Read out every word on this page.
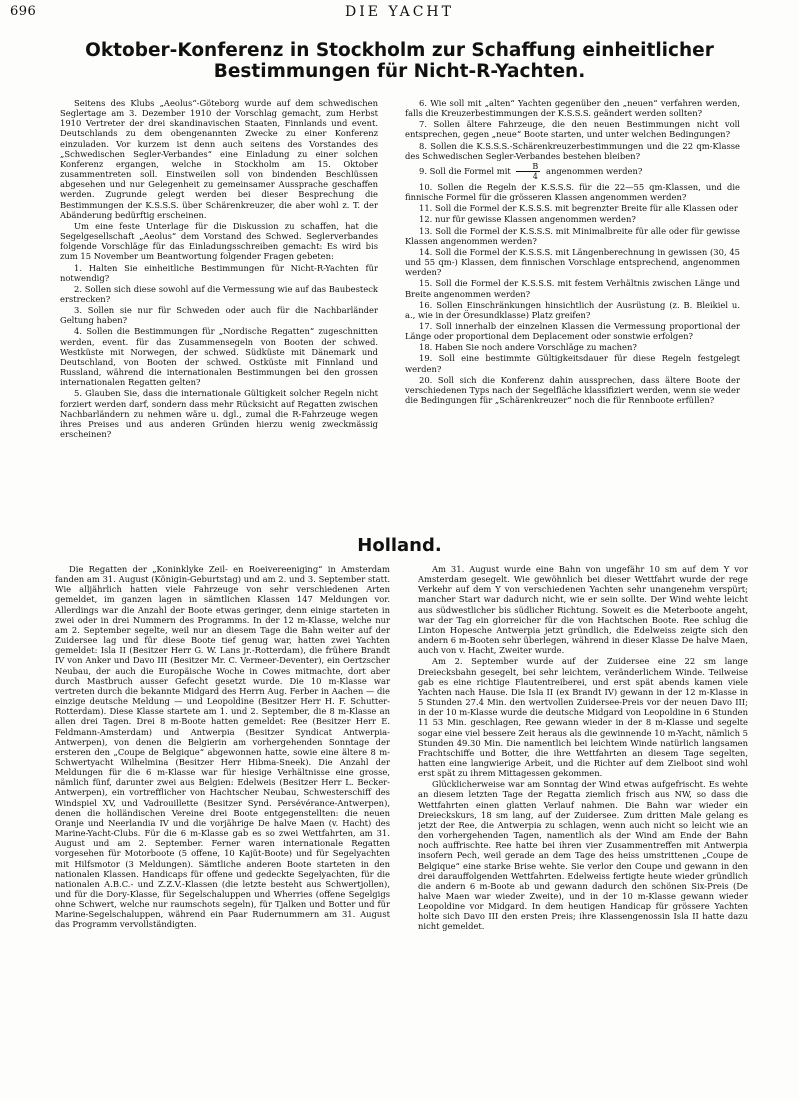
696	DIE YACHT
Oktober-Konferenz in Stockholm zur Schaffung einheitlicher Bestimmungen für Nicht-R-Yachten.

Seitens des Klubs „Aeolus“-Göteborg wurde auf dem schwedischen Seglertage am 3. Dezember 1910 der Vorschlag gemacht, zum Herbst 1910 Vertreter der drei skandinavischen Staaten, Finnlands und event. Deutschlands zu dem obengenannten Zwecke zu einer Konferenz einzuladen. Vor kurzem ist denn auch seitens des Vorstandes des „Schwedischen Segler-Verbandes“ eine Einladung zu einer solchen Konferenz ergangen, welche in Stockholm am 15. Oktober zusammentreten soll. Einstweilen soll von bindenden Beschlüssen abgesehen und nur Gelegenheit zu gemeinsamer Aussprache geschaffen werden. Zugrunde gelegt werden bei dieser Besprechung die Bestimmungen der K.S.S.S. über Schärenkreuzer, die aber wohl z. T. der Abänderung bedürftig erscheinen.

Um eine feste Unterlage für die Diskussion zu schaffen, hat die Segelgesellschaft „Aeolus“ dem Vorstand des Schwed. Seglerverbandes folgende Vorschläge für das Einladungsschreiben gemacht: Es wird bis zum 15 November um Beantwortung folgender Fragen gebeten:

1. Halten Sie einheitliche Bestimmungen für Nicht-R-Yachten für notwendig?

2. Sollen sich diese sowohl auf die Vermessung wie auf das Baubesteck erstrecken?

3. Sollen sie nur für Schweden oder auch für die Nachbarländer Geltung haben?

4. Sollen die Bestimmungen für „Nordische Regatten“ zugeschnitten werden, event. für das Zusammensegeln von Booten der schwed. Westküste mit Norwegen, der schwed. Südküste mit Dänemark und Deutschland, von Booten der schwed. Ostküste mit Finnland und Russland, während die internationalen Bestimmungen bei den grossen internationalen Regatten gelten?

5. Glauben Sie, dass die internationale Gültigkeit solcher Regeln nicht forziert werden darf, sondern dass mehr Rücksicht auf Regatten zwischen Nachbarländern zu nehmen wäre u. dgl., zumal die R-Fahrzeuge wegen ihres Preises und aus anderen Gründen hierzu wenig zweckmässig erscheinen?

6. Wie soll mit „alten“ Yachten gegenüber den „neuen“ verfahren werden, falls die Kreuzerbestimmungen der K.S.S.S. geändert werden sollten?

7. Sollen ältere Fahrzeuge, die den neuen Bestimmungen nicht voll entsprechen, gegen „neue“ Boote starten, und unter welchen Bedingungen?

8. Sollen die K.S.S.S.-Schärenkreuzerbestimmungen und die 22 qm-Klasse des Schwedischen Segler-Verbandes bestehen bleiben?

9. Soll die Formel mit $\frac{B}{4}$ angenommen werden?

10. Sollen die Regeln der K.S.S.S. für die 22—55 qm-Klassen, und die finnische Formel für die grösseren Klassen angenommen werden?

11. Soll die Formel der K.S.S.S. mit begrenzter Breite für alle Klassen oder

12. nur für gewisse Klassen angenommen werden?

13. Soll die Formel der K.S.S.S. mit Minimalbreite für alle oder für gewisse Klassen angenommen werden?

14. Soll die Formel der K.S.S.S. mit Längenberechnung in gewissen (30, 45 und 55 qm-) Klassen, dem finnischen Vorschlage entsprechend, angenommen werden?

15. Soll die Formel der K.S.S.S. mit festem Verhältnis zwischen Länge und Breite angenommen werden?

16. Sollen Einschränkungen hinsichtlich der Ausrüstung (z. B. Bleikiel u. a., wie in der Öresundklasse) Platz greifen?

17. Soll innerhalb der einzelnen Klassen die Vermessung proportional der Länge oder proportional dem Deplacement oder sonstwie erfolgen?

18. Haben Sie noch andere Vorschläge zu machen?

19. Soll eine bestimmte Gültigkeitsdauer für diese Regeln festgelegt werden?

20. Soll sich die Konferenz dahin aussprechen, dass ältere Boote der verschiedenen Typs nach der Segelfläche klassifiziert werden, wenn sie weder die Bedingungen für „Schärenkreuzer“ noch die für Rennboote erfüllen?

Holland.

Die Regatten der „Koninklyke Zeil- en Roeivereeniging“ in Amsterdam fanden am 31. August (Königin-Geburtstag) und am 2. und 3. September statt. Wie alljährlich hatten viele Fahrzeuge von sehr verschiedenen Arten gemeldet, im ganzen lagen in sämtlichen Klassen 147 Meldungen vor. Allerdings war die Anzahl der Boote etwas geringer, denn einige starteten in zwei oder in drei Nummern des Programms. In der 12 m-Klasse, welche nur am 2. September segelte, weil nur an diesem Tage die Bahn weiter auf der Zuidersee lag und für diese Boote tief genug war, hatten zwei Yachten gemeldet: Isla II (Besitzer Herr G. W. Lans jr.-Rotterdam), die frühere Brandt IV von Anker und Davo III (Besitzer Mr. C. Vermeer-Deventer), ein Oertzscher Neubau, der auch die Europäische Woche in Cowes mitmachte, dort aber durch Mastbruch ausser Gefecht gesetzt wurde. Die 10 m-Klasse war vertreten durch die bekannte Midgard des Herrn Aug. Ferber in Aachen — die einzige deutsche Meldung — und Leopoldine (Besitzer Herr H. F. Schutter-Rotterdam). Diese Klasse startete am 1. und 2. September, die 8 m-Klasse an allen drei Tagen. Drei 8 m-Boote hatten gemeldet: Ree (Besitzer Herr E. Feldmann-Amsterdam) und Antwerpia (Besitzer Syndicat Antwerpia-Antwerpen), von denen die Belgierin am vorhergehenden Sonntage der ersteren den „Coupe de Belgique“ abgewonnen hatte, sowie eine ältere 8 m-Schwertyacht Wilhelmina (Besitzer Herr Hibma-Sneek). Die Anzahl der Meldungen für die 6 m-Klasse war für hiesige Verhältnisse eine grosse, nämlich fünf, darunter zwei aus Belgien: Edelweis (Besitzer Herr L. Becker-Antwerpen), ein vortrefflicher von Hachtscher Neubau, Schwesterschiff des Windspiel XV, und Vadrouillette (Besitzer Synd. Persévérance-Antwerpen), denen die holländischen Vereine drei Boote entgegenstellten: die neuen Oranje und Neerlandia IV und die vorjährige De halve Maen (v. Hacht) des Marine-Yacht-Clubs. Für die 6 m-Klasse gab es so zwei Wettfahrten, am 31. August und am 2. September. Ferner waren internationale Regatten vorgesehen für Motorboote (5 offene, 10 Kajüt-Boote) und für Segelyachten mit Hilfsmotor (3 Meldungen). Sämtliche anderen Boote starteten in den nationalen Klassen. Handicaps für offene und gedeckte Segelyachten, für die nationalen A.B.C.- und Z.Z.V.-Klassen (die letzte besteht aus Schwertjollen), und für die Dory-Klasse, für Segelschaluppen und Wherries (offene Segelgigs ohne Schwert, welche nur raumschots segeln), für Tjalken und Botter und für Marine-Segelschaluppen, während ein Paar Rudernummern am 31. August das Programm vervollständigten.

Am 31. August wurde eine Bahn von ungefähr 10 sm auf dem Y vor Amsterdam gesegelt. Wie gewöhnlich bei dieser Wettfahrt wurde der rege Verkehr auf dem Y von verschiedenen Yachten sehr unangenehm verspürt; mancher Start war dadurch nicht, wie er sein sollte. Der Wind wehte leicht aus südwestlicher bis südlicher Richtung. Soweit es die Meterboote angeht, war der Tag ein glorreicher für die von Hachtschen Boote. Ree schlug die Linton Hopesche Antwerpia jetzt gründlich, die Edelweiss zeigte sich den andern 6 m-Booten sehr überlegen, während in dieser Klasse De halve Maen, auch von v. Hacht, Zweiter wurde.

Am 2. September wurde auf der Zuidersee eine 22 sm lange Dreiecksbahn gesegelt, bei sehr leichtem, veränderlichem Winde. Teilweise gab es eine richtige Flautentreiberei, und erst spät abends kamen viele Yachten nach Hause. Die Isla II (ex Brandt IV) gewann in der 12 m-Klasse in 5 Stunden 27.4 Min. den wertvollen Zuidersee-Preis vor der neuen Davo III; in der 10 m-Klasse wurde die deutsche Midgard von Leopoldine in 6 Stunden 11 53 Min. geschlagen, Ree gewann wieder in der 8 m-Klasse und segelte sogar eine viel bessere Zeit heraus als die gewinnende 10 m-Yacht, nämlich 5 Stunden 49.30 Min. Die namentlich bei leichtem Winde natürlich langsamen Frachtschiffe und Botter, die ihre Wettfahrten an diesem Tage segelten, hatten eine langwierige Arbeit, und die Richter auf dem Zielboot sind wohl erst spät zu ihrem Mittagessen gekommen.

Glücklicherweise war am Sonntag der Wind etwas aufgefrischt. Es wehte an diesem letzten Tage der Regatta ziemlich frisch aus NW, so dass die Wettfahrten einen glatten Verlauf nahmen. Die Bahn war wieder ein Dreieckskurs, 18 sm lang, auf der Zuidersee. Zum dritten Male gelang es jetzt der Ree, die Antwerpia zu schlagen, wenn auch nicht so leicht wie an den vorhergehenden Tagen, namentlich als der Wind am Ende der Bahn noch auffrischte. Ree hatte bei ihren vier Zusammentreffen mit Antwerpia insofern Pech, weil gerade an dem Tage des heiss umstrittenen „Coupe de Belgique“ eine starke Brise wehte. Sie verlor den Coupe und gewann in den drei darauffolgenden Wettfahrten. Edelweiss fertigte heute wieder gründlich die andern 6 m-Boote ab und gewann dadurch den schönen Six-Preis (De halve Maen war wieder Zweite), und in der 10 m-Klasse gewann wieder Leopoldine vor Midgard. In dem heutigen Handicap für grössere Yachten holte sich Davo III den ersten Preis; ihre Klassengenossin Isla II hatte dazu nicht gemeldet.
